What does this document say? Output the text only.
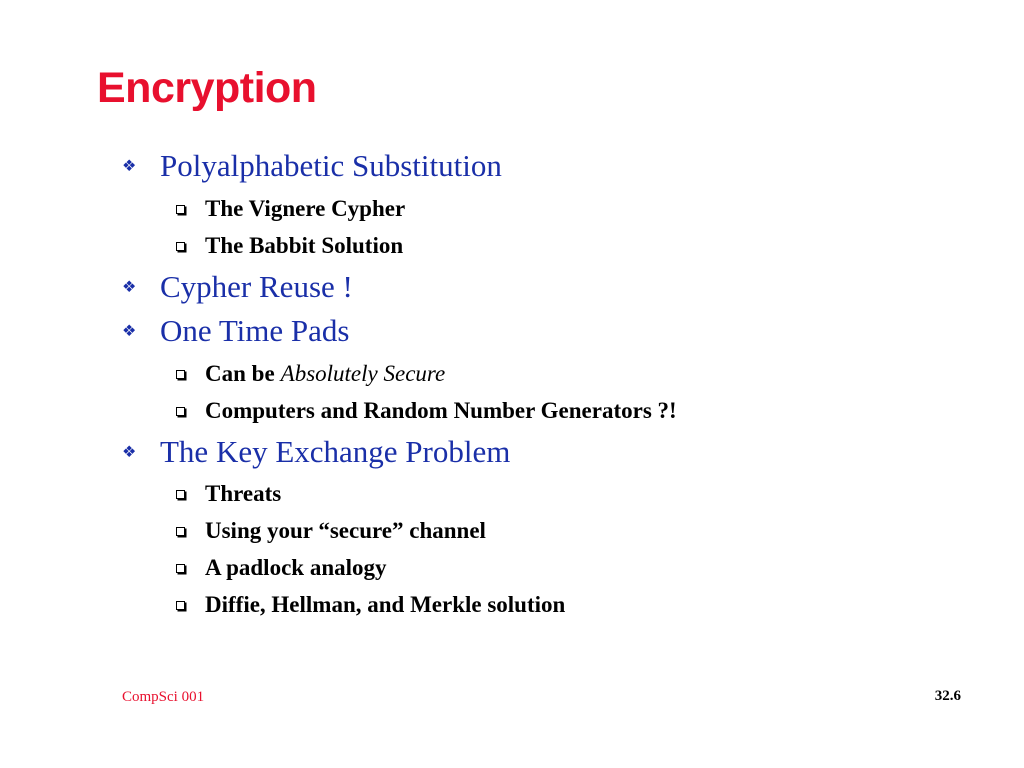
Encryption
❖ Polyalphabetic Substitution
The Vignere Cypher
The Babbit Solution
❖ Cypher Reuse !
❖ One Time Pads
Can be Absolutely Secure
Computers and Random Number Generators ?!
❖ The Key Exchange Problem
Threats
Using your “secure” channel
A padlock analogy
Diffie, Hellman, and Merkle solution
CompSci 001	32.6
